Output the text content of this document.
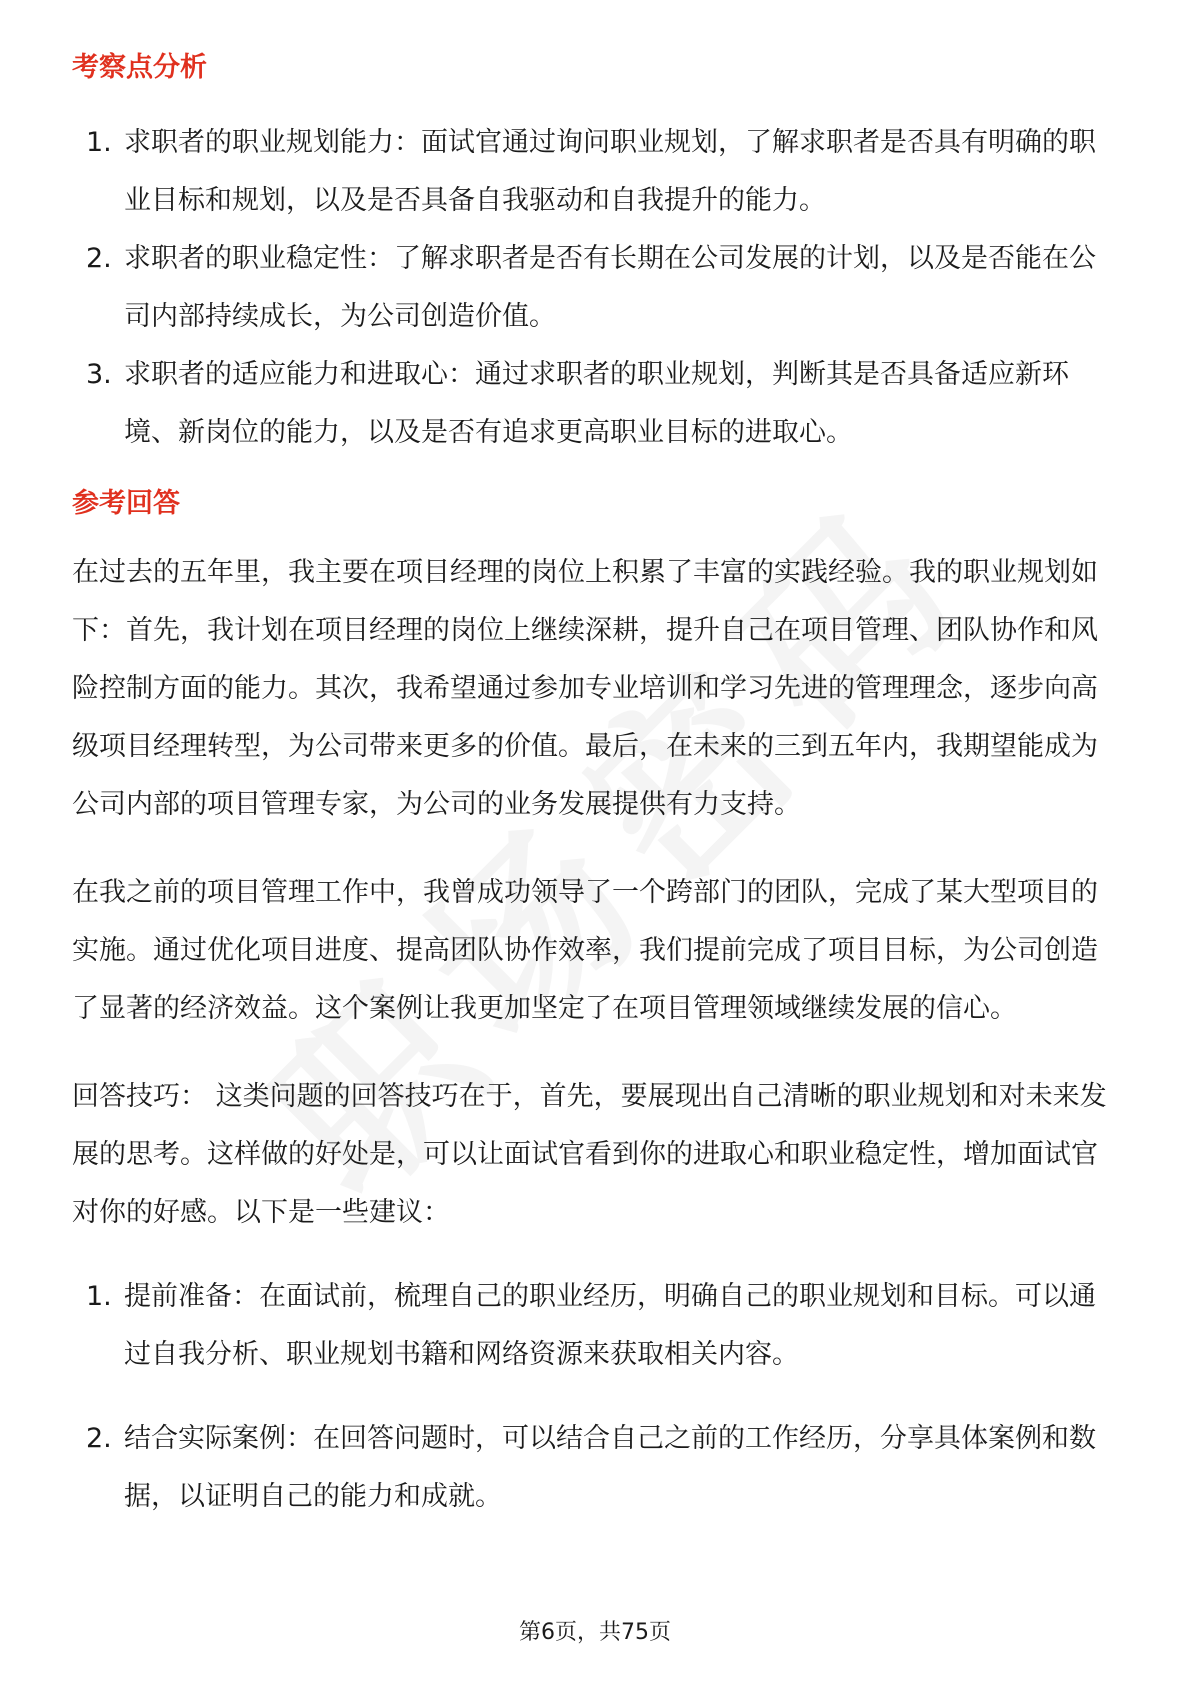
考察点分析
1. 求职者的职业规划能力：面试官通过询问职业规划，了解求职者是否具有明确的职业目标和规划，以及是否具备自我驱动和自我提升的能力。
2. 求职者的职业稳定性：了解求职者是否有长期在公司发展的计划，以及是否能在公司内部持续成长，为公司创造价值。
3. 求职者的适应能力和进取心：通过求职者的职业规划，判断其是否具备适应新环境、新岗位的能力，以及是否有追求更高职业目标的进取心。
参考回答

在过去的五年里，我主要在项目经理的岗位上积累了丰富的实践经验。我的职业规划如下：首先，我计划在项目经理的岗位上继续深耕，提升自己在项目管理、团队协作和风险控制方面的能力。其次，我希望通过参加专业培训和学习先进的管理理念，逐步向高级项目经理转型，为公司带来更多的价值。最后，在未来的三到五年内，我期望能成为公司内部的项目管理专家，为公司的业务发展提供有力支持。

在我之前的项目管理工作中，我曾成功领导了一个跨部门的团队，完成了某大型项目的实施。通过优化项目进度、提高团队协作效率，我们提前完成了项目目标，为公司创造了显著的经济效益。这个案例让我更加坚定了在项目管理领域继续发展的信心。

回答技巧： 这类问题的回答技巧在于，首先，要展现出自己清晰的职业规划和对未来发展的思考。这样做的好处是，可以让面试官看到你的进取心和职业稳定性，增加面试官对你的好感。以下是一些建议：

1. 提前准备：在面试前，梳理自己的职业经历，明确自己的职业规划和目标。可以通过自我分析、职业规划书籍和网络资源来获取相关内容。
2. 结合实际案例：在回答问题时，可以结合自己之前的工作经历，分享具体案例和数据，以证明自己的能力和成就。
第6页，共75页
